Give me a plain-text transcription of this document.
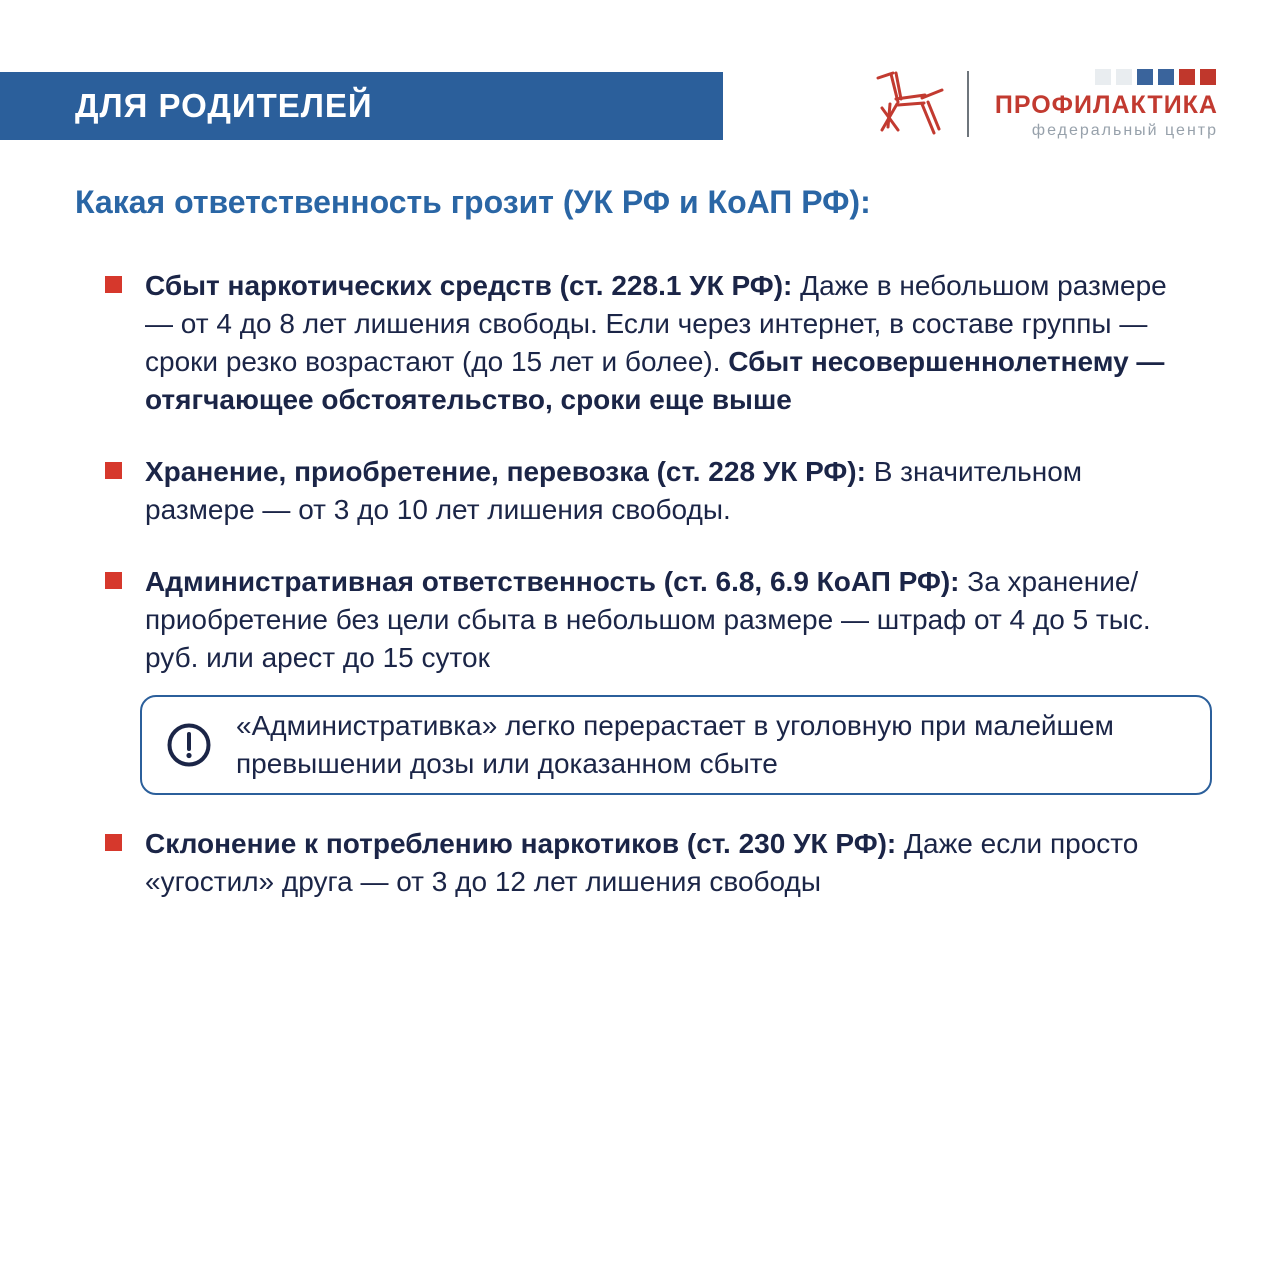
ДЛЯ РОДИТЕЛЕЙ	ПРОФИЛАКТИКА
федеральный центр
Какая ответственность грозит (УК РФ и КоАП РФ):

Сбыт наркотических средств (ст. 228.1 УК РФ): Даже в небольшом размере — от 4 до 8 лет лишения свободы. Если через интернет, в составе группы — сроки резко возрастают (до 15 лет и более). Сбыт несовершеннолетнему — отягчающее обстоятельство, сроки еще выше

Хранение, приобретение, перевозка (ст. 228 УК РФ): В значительном размере — от 3 до 10 лет лишения свободы.

Административная ответственность (ст. 6.8, 6.9 КоАП РФ): За хранение/приобретение без цели сбыта в небольшом размере — штраф от 4 до 5 тыс. руб. или арест до 15 суток

«Административка» легко перерастает в уголовную при малейшем превышении дозы или доказанном сбыте

Склонение к потреблению наркотиков (ст. 230 УК РФ): Даже если просто «угостил» друга — от 3 до 12 лет лишения свободы
